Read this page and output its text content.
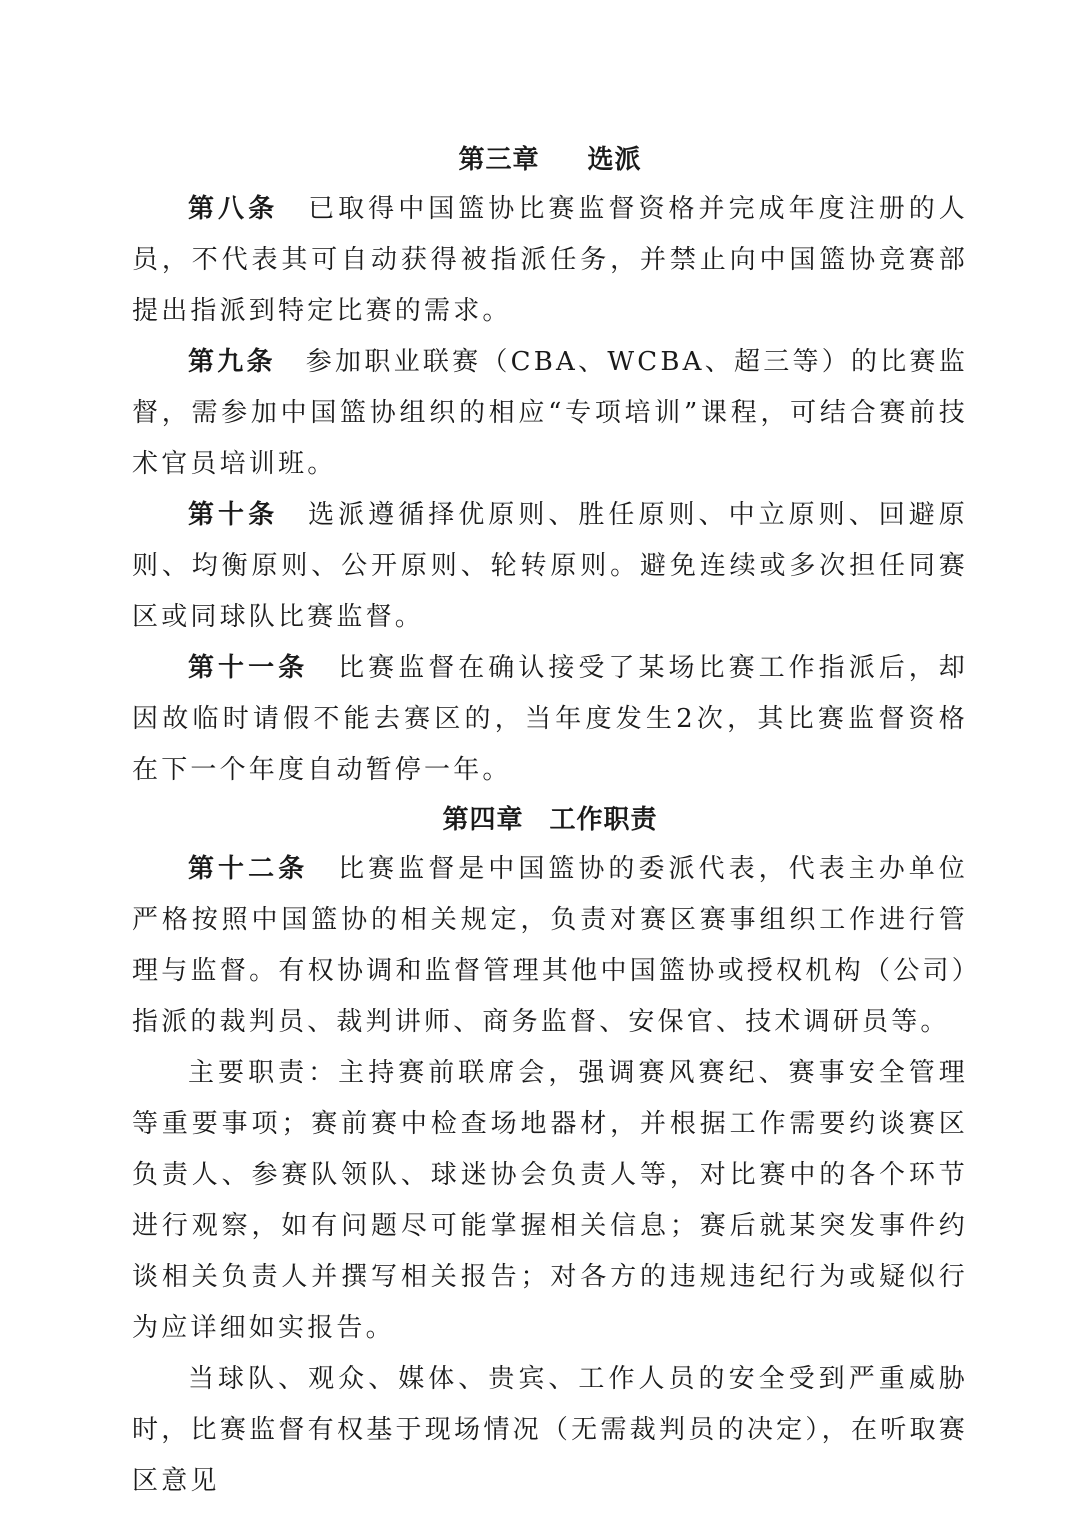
第三章 选派

第八条 已取得中国篮协比赛监督资格并完成年度注册的人员，不代表其可自动获得被指派任务，并禁止向中国篮协竞赛部提出指派到特定比赛的需求。

第九条 参加职业联赛（CBA、WCBA、超三等）的比赛监督，需参加中国篮协组织的相应“专项培训”课程，可结合赛前技术官员培训班。

第十条 选派遵循择优原则、胜任原则、中立原则、回避原则、均衡原则、公开原则、轮转原则。避免连续或多次担任同赛区或同球队比赛监督。

第十一条 比赛监督在确认接受了某场比赛工作指派后，却因故临时请假不能去赛区的，当年度发生2次，其比赛监督资格在下一个年度自动暂停一年。

第四章 工作职责

第十二条 比赛监督是中国篮协的委派代表，代表主办单位严格按照中国篮协的相关规定，负责对赛区赛事组织工作进行管理与监督。有权协调和监督管理其他中国篮协或授权机构（公司）指派的裁判员、裁判讲师、商务监督、安保官、技术调研员等。

主要职责：主持赛前联席会，强调赛风赛纪、赛事安全管理等重要事项；赛前赛中检查场地器材，并根据工作需要约谈赛区负责人、参赛队领队、球迷协会负责人等，对比赛中的各个环节进行观察，如有问题尽可能掌握相关信息；赛后就某突发事件约谈相关负责人并撰写相关报告；对各方的违规违纪行为或疑似行为应详细如实报告。

当球队、观众、媒体、贵宾、工作人员的安全受到严重威胁时，比赛监督有权基于现场情况（无需裁判员的决定），在听取赛区意见
